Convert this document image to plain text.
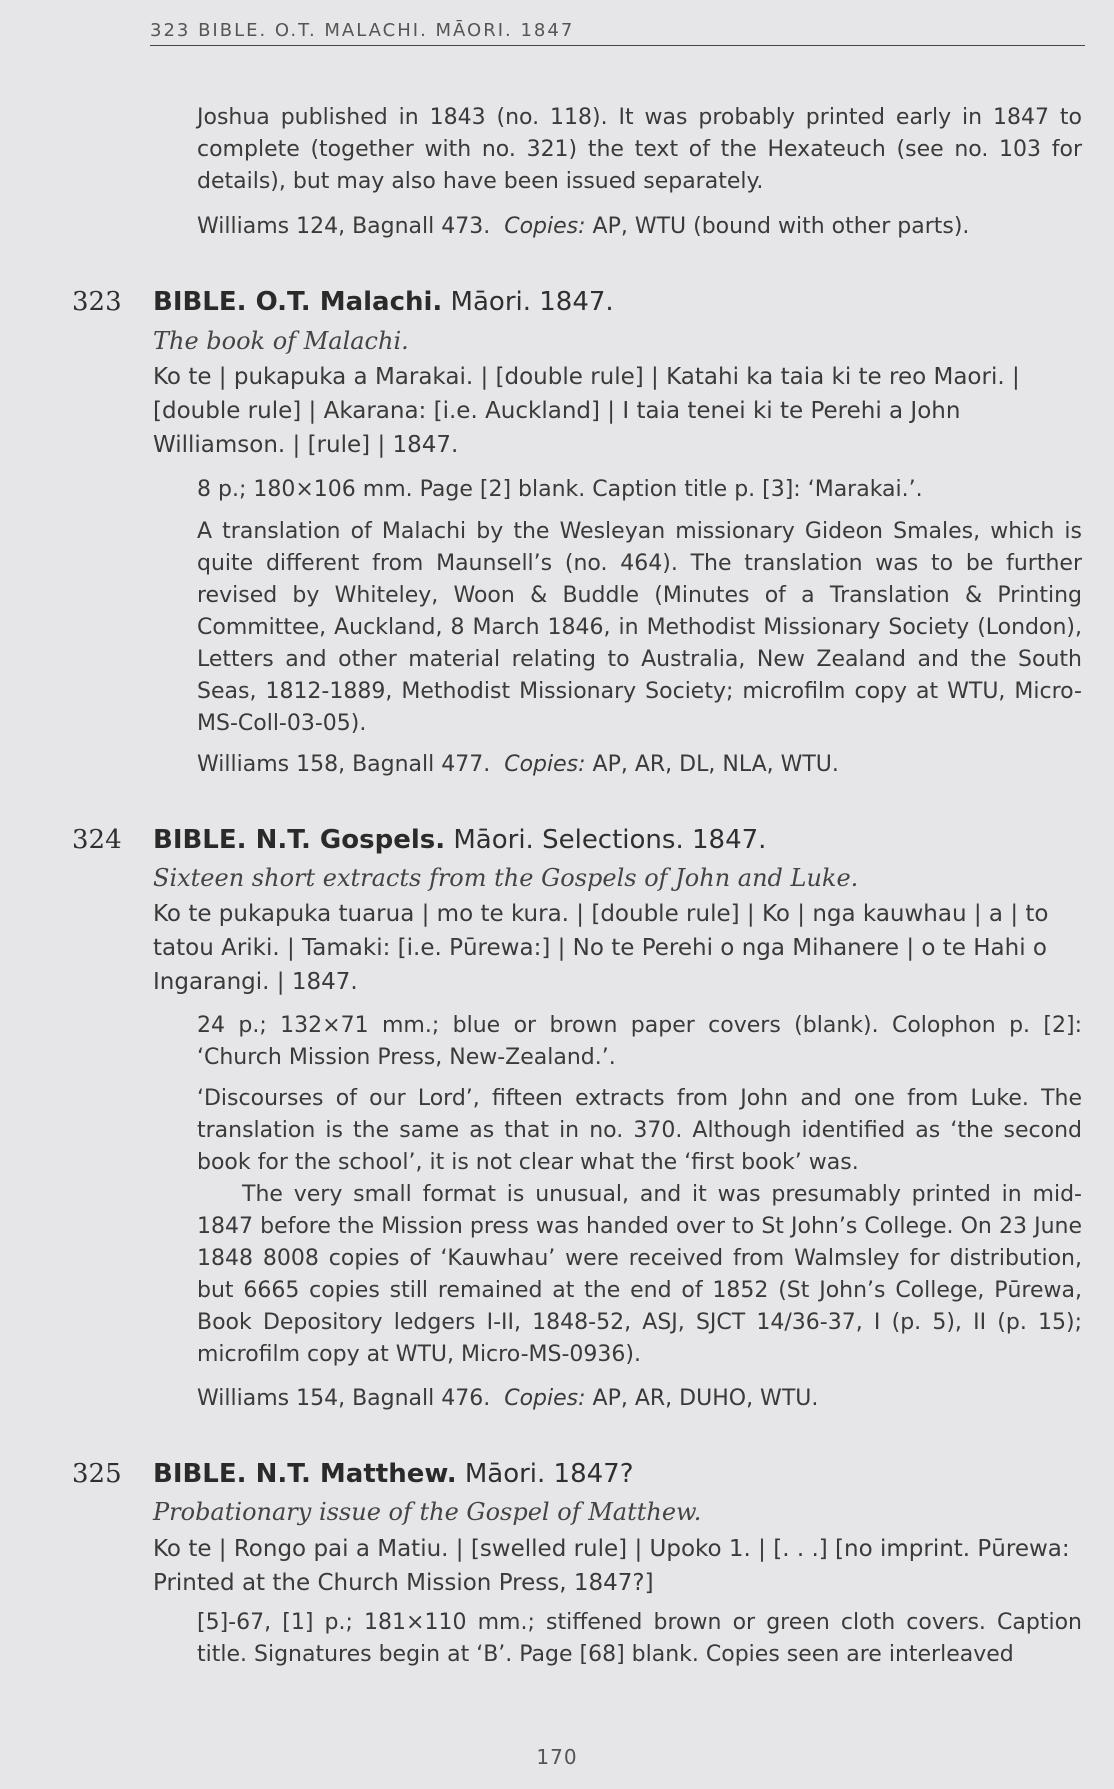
323 BIBLE. O.T. MALACHI. MĀORI. 1847

Joshua published in 1843 (no. 118). It was probably printed early in 1847 to complete (together with no. 321) the text of the Hexateuch (see no. 103 for details), but may also have been issued separately.

Williams 124, Bagnall 473. Copies: AP, WTU (bound with other parts).

323 BIBLE. O.T. Malachi. Māori. 1847.
The book of Malachi.
Ko te | pukapuka a Marakai. | [double rule] | Katahi ka taia ki te reo Maori. | [double rule] | Akarana: [i.e. Auckland] | I taia tenei ki te Perehi a John Williamson. | [rule] | 1847.

8 p.; 180×106 mm. Page [2] blank. Caption title p. [3]: ‘Marakai.’.

A translation of Malachi by the Wesleyan missionary Gideon Smales, which is quite different from Maunsell’s (no. 464). The translation was to be further revised by Whiteley, Woon & Buddle (Minutes of a Translation & Printing Committee, Auckland, 8 March 1846, in Methodist Missionary Society (London), Letters and other material relating to Australia, New Zealand and the South Seas, 1812-1889, Methodist Missionary Society; microfilm copy at WTU, Micro-MS-Coll-03-05).

Williams 158, Bagnall 477. Copies: AP, AR, DL, NLA, WTU.

324 BIBLE. N.T. Gospels. Māori. Selections. 1847.
Sixteen short extracts from the Gospels of John and Luke.
Ko te pukapuka tuarua | mo te kura. | [double rule] | Ko | nga kauwhau | a | to tatou Ariki. | Tamaki: [i.e. Pūrewa:] | No te Perehi o nga Mihanere | o te Hahi o Ingarangi. | 1847.

24 p.; 132×71 mm.; blue or brown paper covers (blank). Colophon p. [2]: ‘Church Mission Press, New-Zealand.’.

‘Discourses of our Lord’, fifteen extracts from John and one from Luke. The translation is the same as that in no. 370. Although identified as ‘the second book for the school’, it is not clear what the ‘first book’ was.

The very small format is unusual, and it was presumably printed in mid-1847 before the Mission press was handed over to St John’s College. On 23 June 1848 8008 copies of ‘Kauwhau’ were received from Walmsley for distribution, but 6665 copies still remained at the end of 1852 (St John’s College, Pūrewa, Book Depository ledgers I-II, 1848-52, ASJ, SJCT 14/36-37, I (p. 5), II (p. 15); microfilm copy at WTU, Micro-MS-0936).

Williams 154, Bagnall 476. Copies: AP, AR, DUHO, WTU.

325 BIBLE. N.T. Matthew. Māori. 1847?
Probationary issue of the Gospel of Matthew.
Ko te | Rongo pai a Matiu. | [swelled rule] | Upoko 1. | [. . .] [no imprint. Pūrewa: Printed at the Church Mission Press, 1847?]

[5]-67, [1] p.; 181×110 mm.; stiffened brown or green cloth covers. Caption title. Signatures begin at ‘B’. Page [68] blank. Copies seen are interleaved

170
